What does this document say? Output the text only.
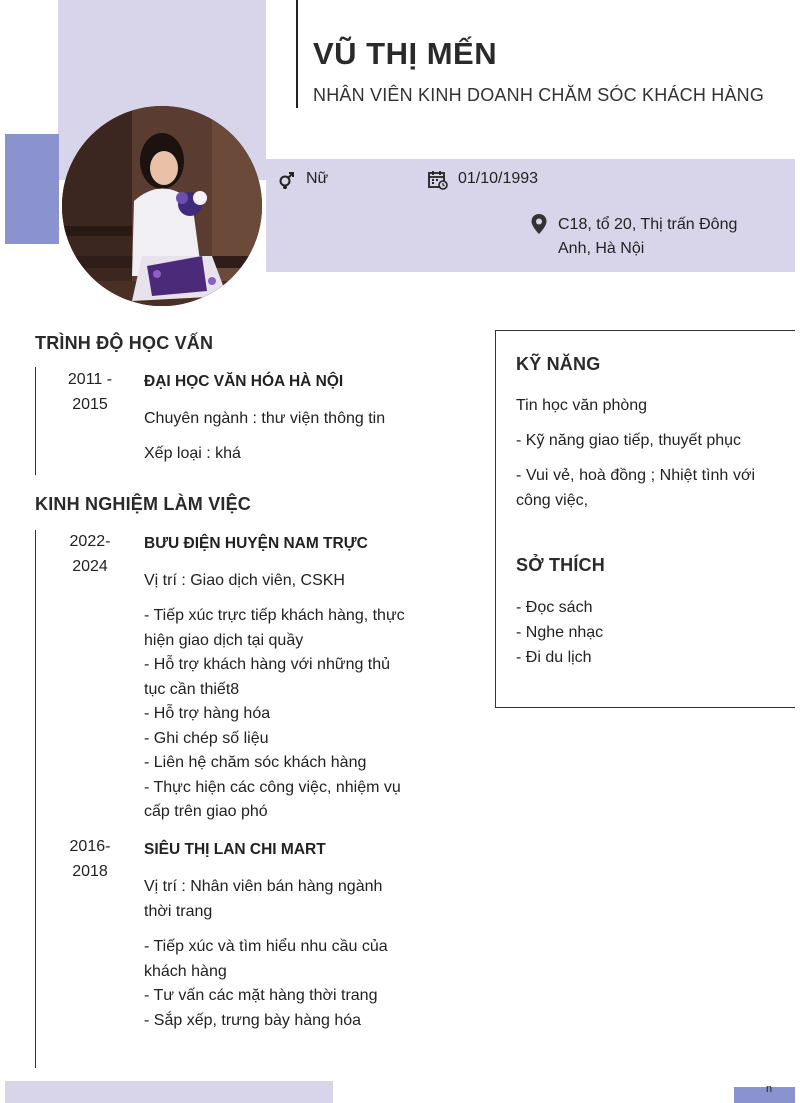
n
VŨ THỊ MẾN
NHÂN VIÊN KINH DOANH CHĂM SÓC KHÁCH HÀNG
Nữ	01/10/1993
C18, tổ 20, Thị trấn Đông Anh, Hà Nội
TRÌNH ĐỘ HỌC VẤN
2011 -
2015
ĐẠI HỌC VĂN HÓA HÀ NỘI
Chuyên ngành : thư viện thông tin
Xếp loại : khá
KINH NGHIỆM LÀM VIỆC
2022-
2024
BƯU ĐIỆN HUYỆN NAM TRỰC
Vị trí : Giao dịch viên, CSKH
- Tiếp xúc trực tiếp khách hàng, thực hiện giao dịch tại quầy
- Hỗ trợ khách hàng với những thủ tục cần thiết8
- Hỗ trợ hàng hóa
- Ghi chép số liệu
- Liên hệ chăm sóc khách hàng
- Thực hiện các công việc, nhiệm vụ cấp trên giao phó
2016-
2018
SIÊU THỊ LAN CHI MART
Vị trí : Nhân viên bán hàng ngành thời trang
- Tiếp xúc và tìm hiểu nhu cầu của khách hàng
- Tư vấn các mặt hàng thời trang
- Sắp xếp, trưng bày hàng hóa
KỸ NĂNG
Tin học văn phòng
- Kỹ năng giao tiếp, thuyết phục
- Vui vẻ, hoà đồng ; Nhiệt tình với công việc,
SỞ THÍCH
- Đọc sách
- Nghe nhạc
- Đi du lịch
